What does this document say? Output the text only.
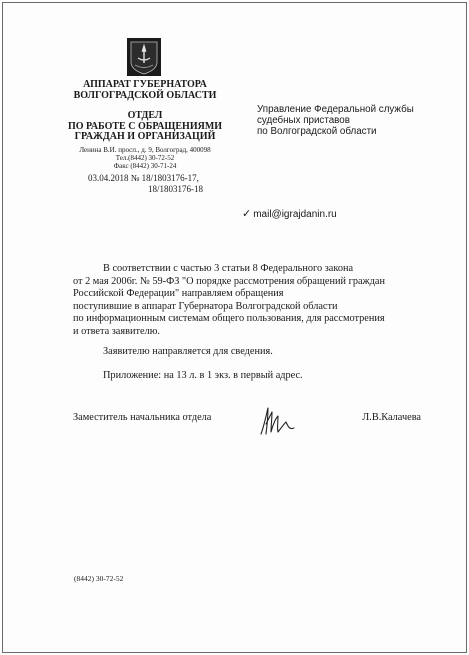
АППАРАТ ГУБЕРНАТОРА

ВОЛГОГРАДСКОЙ ОБЛАСТИ

ОТДЕЛ

ПО РАБОТЕ С ОБРАЩЕНИЯМИ

ГРАЖДАН И ОРГАНИЗАЦИЙ

Ленина В.И. просп., д. 9, Волгоград, 400098

Тел.(8442) 30-72-52

Факс (8442) 30-71-24

03.04.2018 № 18/1803176-17,
18/1803176-18
Управление Федеральной службы
судебных приставов
по Волгоградской области
✓ mail@igrajdanin.ru

В соответствии с частью 3 статьи 8 Федерального закона

от 2 мая 2006г. № 59-ФЗ "О порядке рассмотрения обращений граждан

Российской Федерации" направляем обращения

поступившие в аппарат Губернатора Волгоградской области

по информационным системам общего пользования, для рассмотрения

и ответа заявителю.

Заявителю направляется для сведения.

Приложение: на 13 л. в 1 экз. в первый адрес.

Заместитель начальника отдела	Л.В.Калачева
(8442) 30-72-52
